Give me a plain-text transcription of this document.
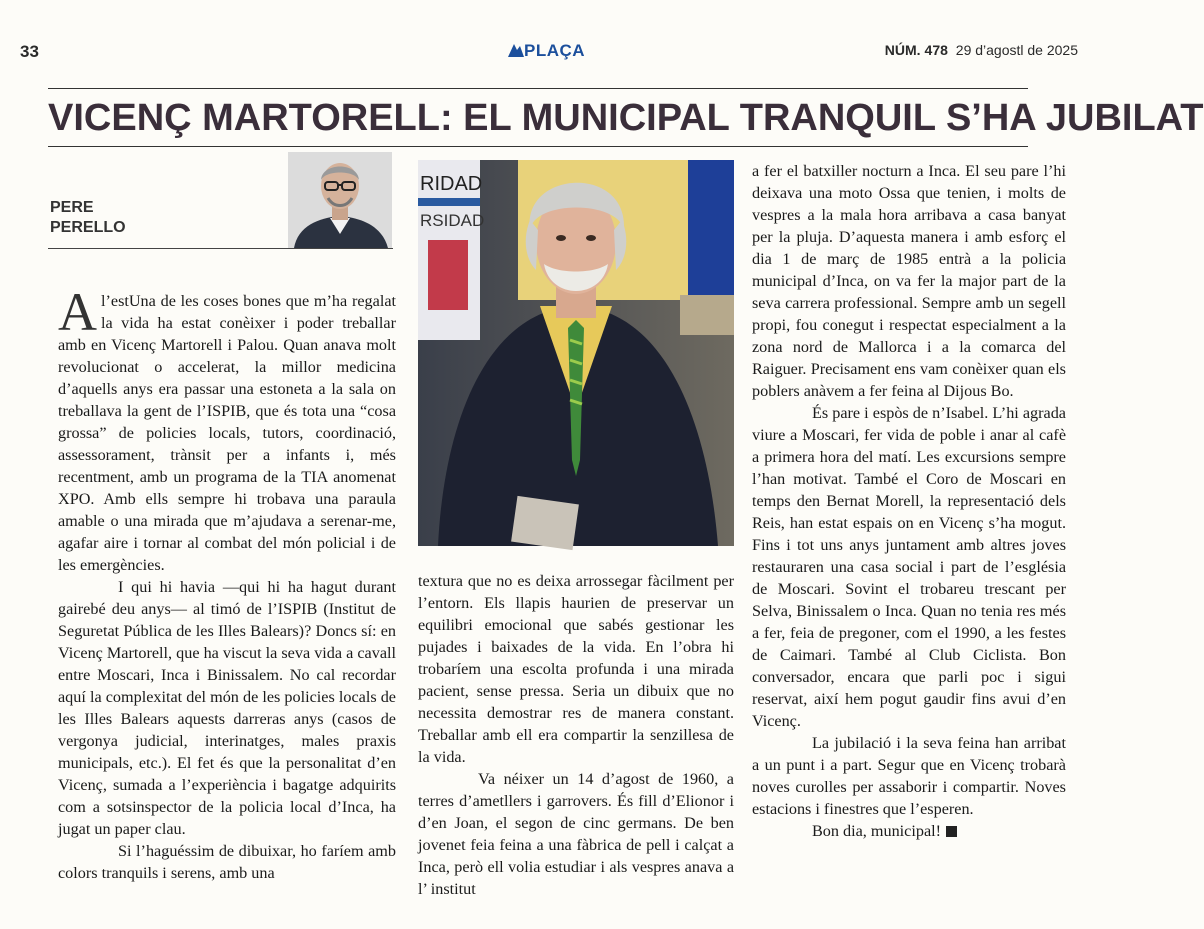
33	PLAÇA	NÚM. 478 29 d’agostl de 2025
VICENÇ MARTORELL: EL MUNICIPAL TRANQUIL S’HA JUBILAT
PERE
PERELLO
RIDAD
RSIDAD

Al’estUna de les coses bones que m’ha regalat la vida ha estat conèixer i poder treballar amb en Vicenç Martorell i Palou. Quan anava molt revolucionat o accelerat, la millor medicina d’aquells anys era passar una estoneta a la sala on treballava la gent de l’ISPIB, que és tota una “cosa grossa” de policies locals, tutors, coordinació, assessorament, trànsit per a infants i, més recentment, amb un programa de la TIA anomenat XPO. Amb ells sempre hi trobava una paraula amable o una mirada que m’ajudava a serenar-me, agafar aire i tornar al combat del món policial i de les emergències.

I qui hi havia —qui hi ha hagut durant gairebé deu anys— al timó de l’ISPIB (Institut de Seguretat Pública de les Illes Balears)? Doncs sí: en Vicenç Martorell, que ha viscut la seva vida a cavall entre Moscari, Inca i Binissalem. No cal recordar aquí la complexitat del món de les policies locals de les Illes Balears aquests darreras anys (casos de vergonya judicial, interinatges, males praxis municipals, etc.). El fet és que la personalitat d’en Vicenç, sumada a l’experiència i bagatge adquirits com a sotsinspector de la policia local d’Inca, ha jugat un paper clau.

Si l’haguéssim de dibuixar, ho faríem amb colors tranquils i serens, amb una

textura que no es deixa arrossegar fàcilment per l’entorn. Els llapis haurien de preservar un equilibri emocional que sabés gestionar les pujades i baixades de la vida. En l’obra hi trobaríem una escolta profunda i una mirada pacient, sense pressa. Seria un dibuix que no necessita demostrar res de manera constant. Treballar amb ell era compartir la senzillesa de la vida.

Va néixer un 14 d’agost de 1960, a terres d’ametllers i garrovers. És fill d’Elionor i d’en Joan, el segon de cinc germans. De ben jovenet feia feina a una fàbrica de pell i calçat a Inca, però ell volia estudiar i als vespres anava a l’ institut

a fer el batxiller nocturn a Inca. El seu pare l’hi deixava una moto Ossa que tenien, i molts de vespres a la mala hora arribava a casa banyat per la pluja. D’aquesta manera i amb esforç el dia 1 de març de 1985 entrà a la policia municipal d’Inca, on va fer la major part de la seva carrera professional. Sempre amb un segell propi, fou conegut i respectat especialment a la zona nord de Mallorca i a la comarca del Raiguer. Precisament ens vam conèixer quan els poblers anàvem a fer feina al Dijous Bo.

És pare i espòs de n’Isabel. L’hi agrada viure a Moscari, fer vida de poble i anar al cafè a primera hora del matí. Les excursions sempre l’han motivat. També el Coro de Moscari en temps den Bernat Morell, la representació dels Reis, han estat espais on en Vicenç s’ha mogut. Fins i tot uns anys juntament amb altres joves restauraren una casa social i part de l’església de Moscari. Sovint el trobareu trescant per Selva, Binissalem o Inca. Quan no tenia res més a fer, feia de pregoner, com el 1990, a les festes de Caimari. També al Club Ciclista. Bon conversador, encara que parli poc i sigui reservat, així hem pogut gaudir fins avui d’en Vicenç.

La jubilació i la seva feina han arribat a un punt i a part. Segur que en Vicenç trobarà noves curolles per assaborir i compartir. Noves estacions i finestres que l’esperen.

Bon dia, municipal!
